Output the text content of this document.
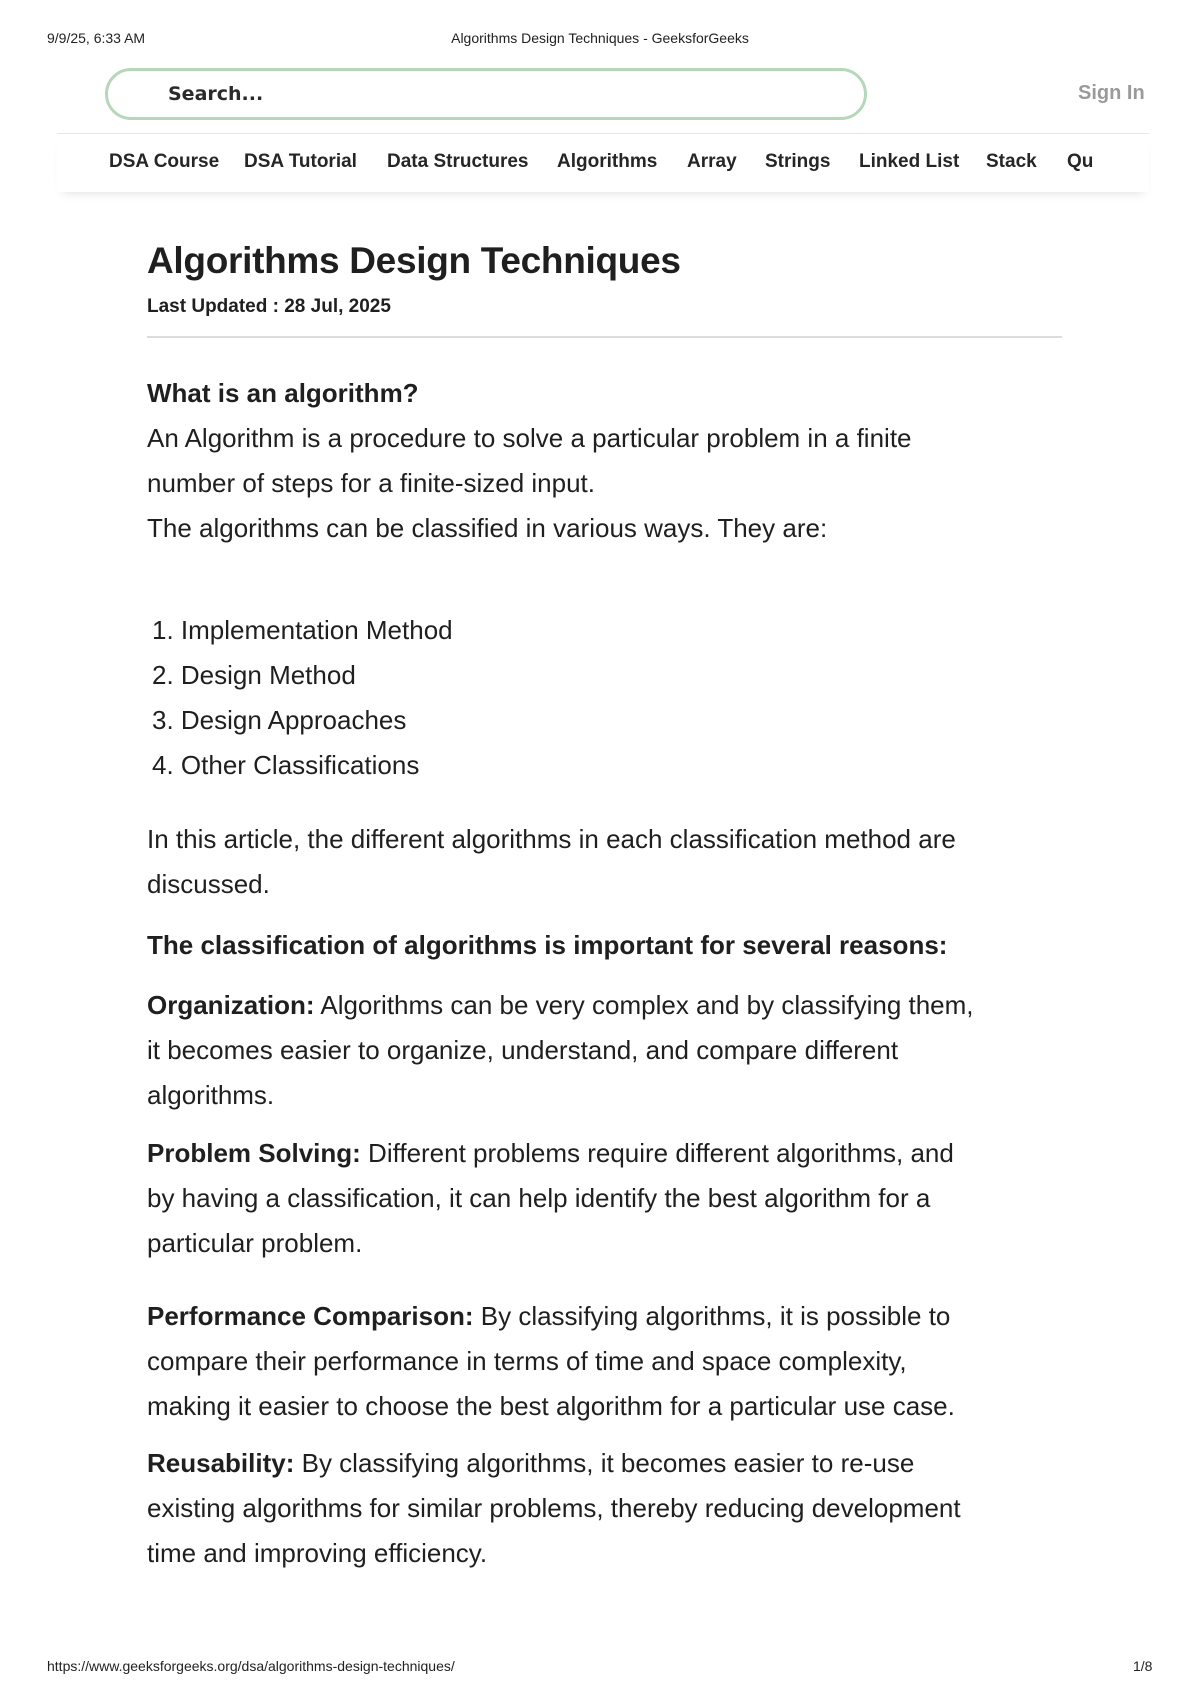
9/9/25, 6:33 AM	Algorithms Design Techniques - GeeksforGeeks
Search...
Sign In
DSA Course DSA Tutorial Data Structures Algorithms Array Strings Linked List Stack Qu
Algorithms Design Techniques
Last Updated : 28 Jul, 2025

What is an algorithm?

An Algorithm is a procedure to solve a particular problem in a finite

number of steps for a finite-sized input.

The algorithms can be classified in various ways. They are:

1. Implementation Method

2. Design Method

3. Design Approaches

4. Other Classifications

In this article, the different algorithms in each classification method are

discussed.

The classification of algorithms is important for several reasons:

Organization: Algorithms can be very complex and by classifying them,

it becomes easier to organize, understand, and compare different

algorithms.

Problem Solving: Different problems require different algorithms, and

by having a classification, it can help identify the best algorithm for a

particular problem.

Performance Comparison: By classifying algorithms, it is possible to

compare their performance in terms of time and space complexity,

making it easier to choose the best algorithm for a particular use case.

Reusability: By classifying algorithms, it becomes easier to re-use

existing algorithms for similar problems, thereby reducing development

time and improving efficiency.

https://www.geeksforgeeks.org/dsa/algorithms-design-techniques/	1/8
